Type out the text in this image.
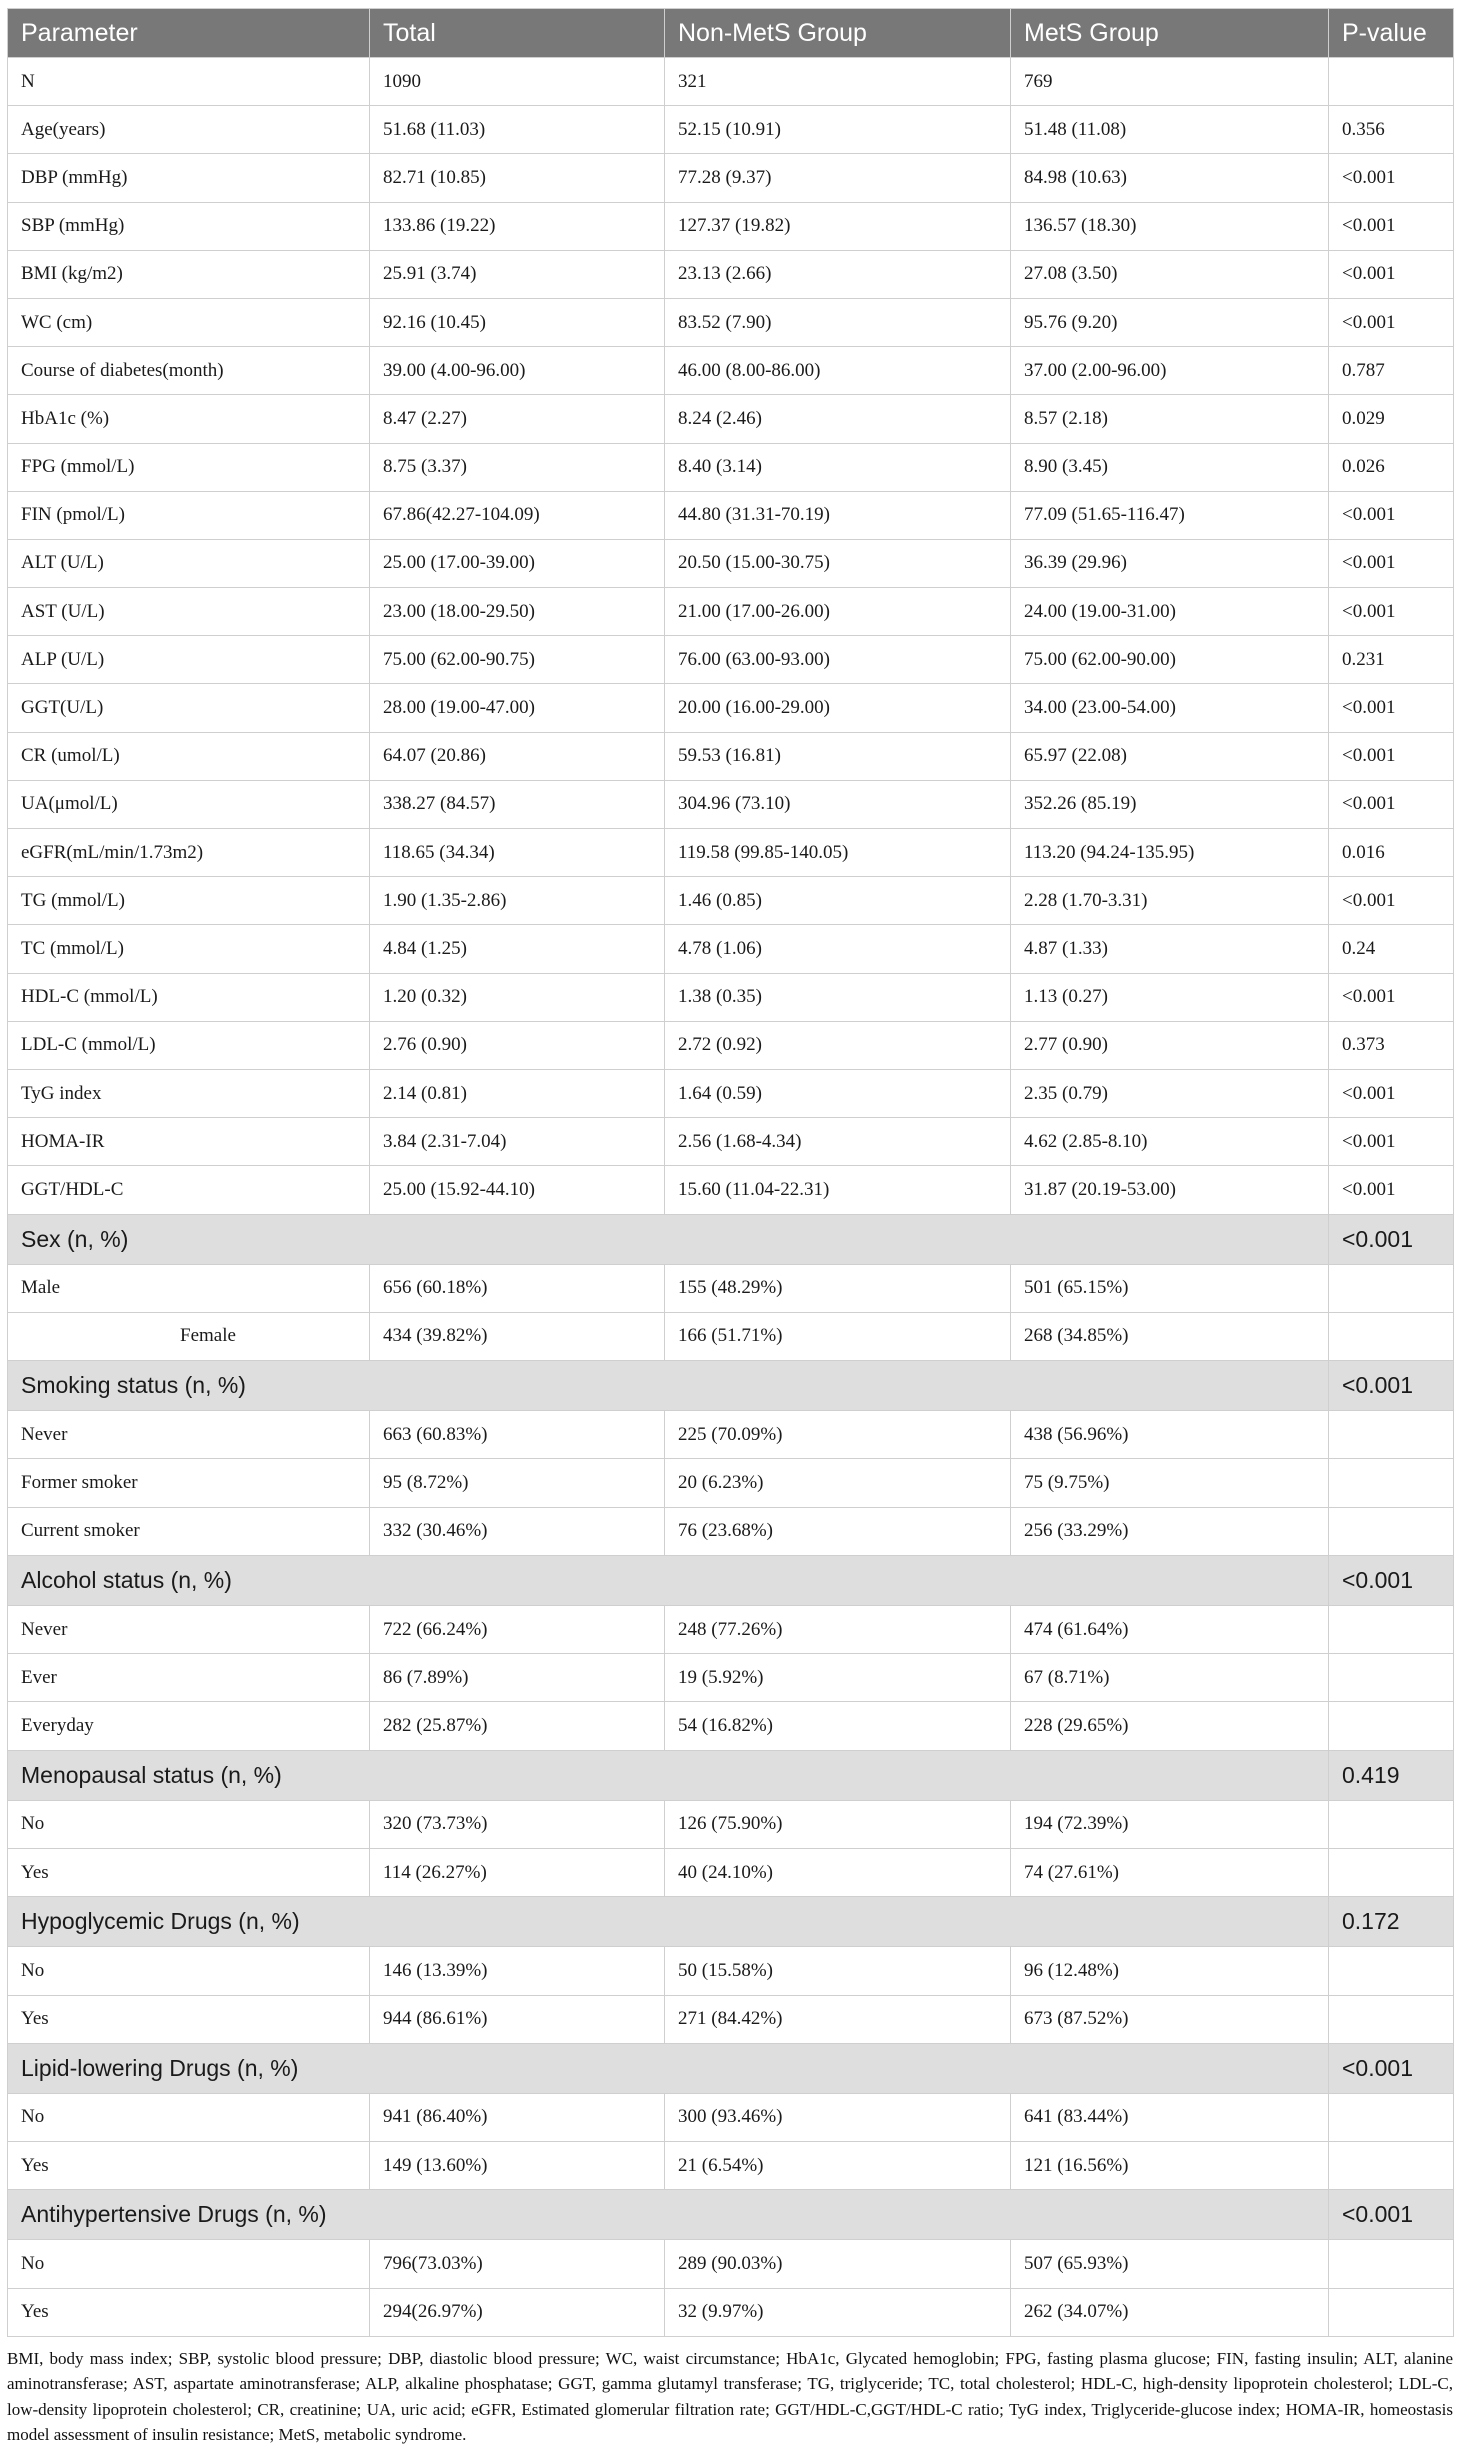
Parameter	Total	Non-MetS Group	MetS Group	P-value
N	1090	321	769	
Age(years)	51.68 (11.03)	52.15 (10.91)	51.48 (11.08)	0.356
DBP (mmHg)	82.71 (10.85)	77.28 (9.37)	84.98 (10.63)	<0.001
SBP (mmHg)	133.86 (19.22)	127.37 (19.82)	136.57 (18.30)	<0.001
BMI (kg/m2)	25.91 (3.74)	23.13 (2.66)	27.08 (3.50)	<0.001
WC (cm)	92.16 (10.45)	83.52 (7.90)	95.76 (9.20)	<0.001
Course of diabetes(month)	39.00 (4.00-96.00)	46.00 (8.00-86.00)	37.00 (2.00-96.00)	0.787
HbA1c (%)	8.47 (2.27)	8.24 (2.46)	8.57 (2.18)	0.029
FPG (mmol/L)	8.75 (3.37)	8.40 (3.14)	8.90 (3.45)	0.026
FIN (pmol/L)	67.86(42.27-104.09)	44.80 (31.31-70.19)	77.09 (51.65-116.47)	<0.001
ALT (U/L)	25.00 (17.00-39.00)	20.50 (15.00-30.75)	36.39 (29.96)	<0.001
AST (U/L)	23.00 (18.00-29.50)	21.00 (17.00-26.00)	24.00 (19.00-31.00)	<0.001
ALP (U/L)	75.00 (62.00-90.75)	76.00 (63.00-93.00)	75.00 (62.00-90.00)	0.231
GGT(U/L)	28.00 (19.00-47.00)	20.00 (16.00-29.00)	34.00 (23.00-54.00)	<0.001
CR (umol/L)	64.07 (20.86)	59.53 (16.81)	65.97 (22.08)	<0.001
UA(μmol/L)	338.27 (84.57)	304.96 (73.10)	352.26 (85.19)	<0.001
eGFR(mL/min/1.73m2)	118.65 (34.34)	119.58 (99.85-140.05)	113.20 (94.24-135.95)	0.016
TG (mmol/L)	1.90 (1.35-2.86)	1.46 (0.85)	2.28 (1.70-3.31)	<0.001
TC (mmol/L)	4.84 (1.25)	4.78 (1.06)	4.87 (1.33)	0.24
HDL-C (mmol/L)	1.20 (0.32)	1.38 (0.35)	1.13 (0.27)	<0.001
LDL-C (mmol/L)	2.76 (0.90)	2.72 (0.92)	2.77 (0.90)	0.373
TyG index	2.14 (0.81)	1.64 (0.59)	2.35 (0.79)	<0.001
HOMA-IR	3.84 (2.31-7.04)	2.56 (1.68-4.34)	4.62 (2.85-8.10)	<0.001
GGT/HDL-C	25.00 (15.92-44.10)	15.60 (11.04-22.31)	31.87 (20.19-53.00)	<0.001
Sex (n, %)				<0.001
Male	656 (60.18%)	155 (48.29%)	501 (65.15%)	
Female	434 (39.82%)	166 (51.71%)	268 (34.85%)	
Smoking status (n, %)				<0.001
Never	663 (60.83%)	225 (70.09%)	438 (56.96%)	
Former smoker	95 (8.72%)	20 (6.23%)	75 (9.75%)	
Current smoker	332 (30.46%)	76 (23.68%)	256 (33.29%)	
Alcohol status (n, %)				<0.001
Never	722 (66.24%)	248 (77.26%)	474 (61.64%)	
Ever	86 (7.89%)	19 (5.92%)	67 (8.71%)	
Everyday	282 (25.87%)	54 (16.82%)	228 (29.65%)	
Menopausal status (n, %)				0.419
No	320 (73.73%)	126 (75.90%)	194 (72.39%)	
Yes	114 (26.27%)	40 (24.10%)	74 (27.61%)	
Hypoglycemic Drugs (n, %)				0.172
No	146 (13.39%)	50 (15.58%)	96 (12.48%)	
Yes	944 (86.61%)	271 (84.42%)	673 (87.52%)	
Lipid-lowering Drugs (n, %)				<0.001
No	941 (86.40%)	300 (93.46%)	641 (83.44%)	
Yes	149 (13.60%)	21 (6.54%)	121 (16.56%)	
Antihypertensive Drugs (n, %)				<0.001
No	796(73.03%)	289 (90.03%)	507 (65.93%)	
Yes	294(26.97%)	32 (9.97%)	262 (34.07%)	
BMI, body mass index; SBP, systolic blood pressure; DBP, diastolic blood pressure; WC, waist circumstance; HbA1c, Glycated hemoglobin; FPG, fasting plasma glucose; FIN, fasting insulin; ALT, alanine aminotransferase; AST, aspartate aminotransferase; ALP, alkaline phosphatase; GGT, gamma glutamyl transferase; TG, triglyceride; TC, total cholesterol; HDL-C, high-density lipoprotein cholesterol; LDL-C, low-density lipoprotein cholesterol; CR, creatinine; UA, uric acid; eGFR, Estimated glomerular filtration rate; GGT/HDL-C,GGT/HDL-C ratio; TyG index, Triglyceride-glucose index; HOMA-IR, homeostasis model assessment of insulin resistance; MetS, metabolic syndrome.
